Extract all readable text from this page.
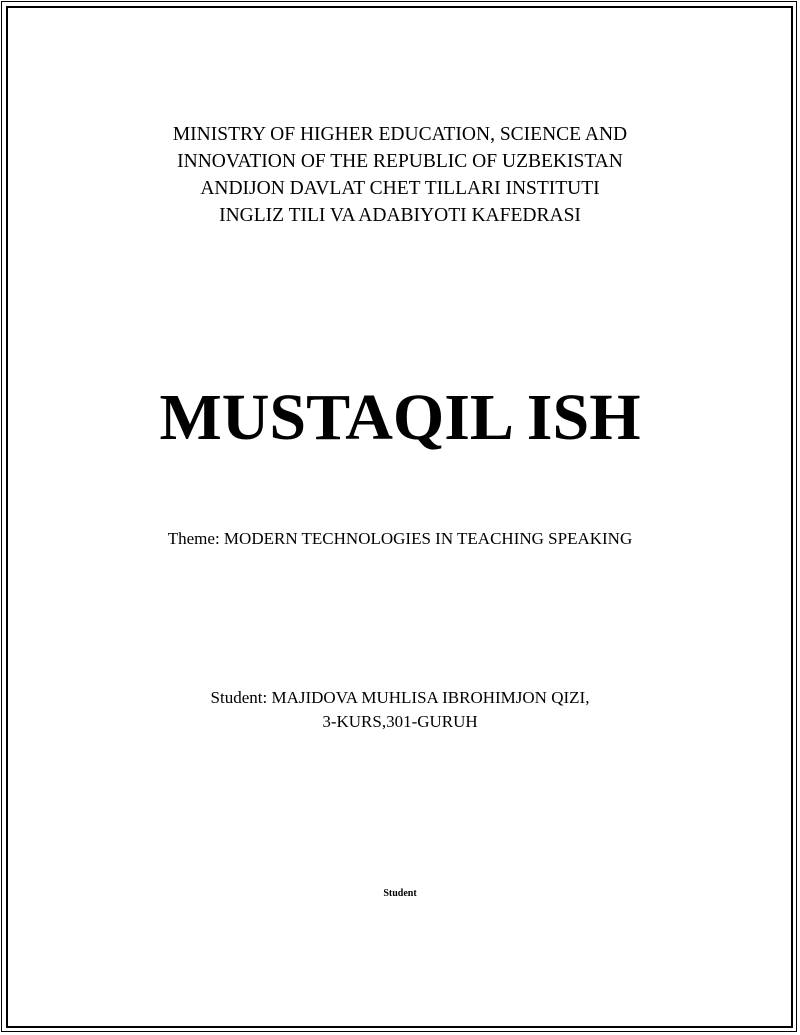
MINISTRY OF HIGHER EDUCATION, SCIENCE AND
INNOVATION OF THE REPUBLIC OF UZBEKISTAN
ANDIJON DAVLAT CHET TILLARI INSTITUTI
INGLIZ TILI VA ADABIYOTI KAFEDRASI
MUSTAQIL ISH
Theme: MODERN TECHNOLOGIES IN TEACHING SPEAKING
Student: MAJIDOVA MUHLISA IBROHIMJON QIZI,
3-KURS,301-GURUH
Student
